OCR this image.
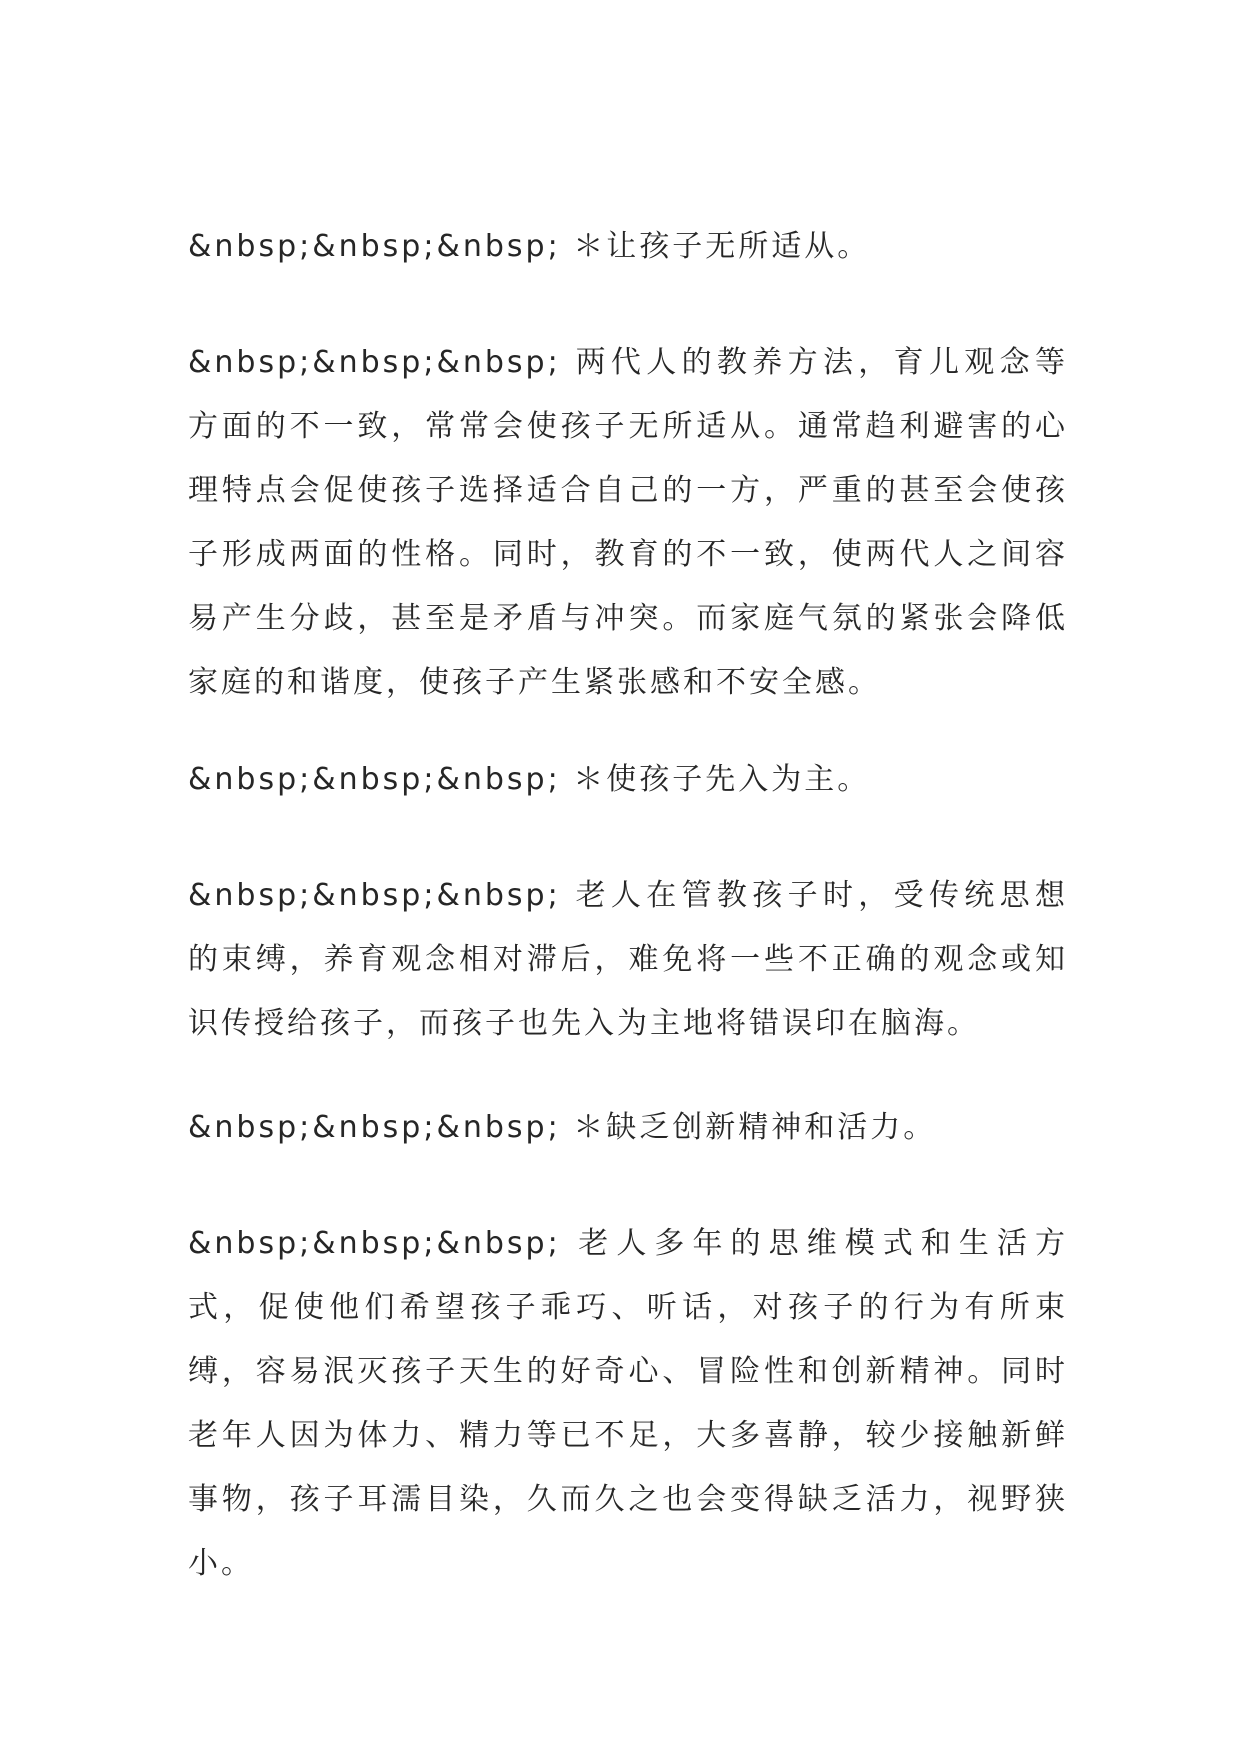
&nbsp;&nbsp;&nbsp; ＊让孩子无所适从。

&nbsp;&nbsp;&nbsp; 两代人的教养方法，育儿观念等方面的不一致，常常会使孩子无所适从。通常趋利避害的心理特点会促使孩子选择适合自己的一方，严重的甚至会使孩子形成两面的性格。同时，教育的不一致，使两代人之间容易产生分歧，甚至是矛盾与冲突。而家庭气氛的紧张会降低家庭的和谐度，使孩子产生紧张感和不安全感。

&nbsp;&nbsp;&nbsp; ＊使孩子先入为主。

&nbsp;&nbsp;&nbsp; 老人在管教孩子时，受传统思想的束缚，养育观念相对滞后，难免将一些不正确的观念或知识传授给孩子，而孩子也先入为主地将错误印在脑海。

&nbsp;&nbsp;&nbsp; ＊缺乏创新精神和活力。

&nbsp;&nbsp;&nbsp; 老人多年的思维模式和生活方式，促使他们希望孩子乖巧、听话，对孩子的行为有所束缚，容易泯灭孩子天生的好奇心、冒险性和创新精神。同时老年人因为体力、精力等已不足，大多喜静，较少接触新鲜事物，孩子耳濡目染，久而久之也会变得缺乏活力，视野狭小。
